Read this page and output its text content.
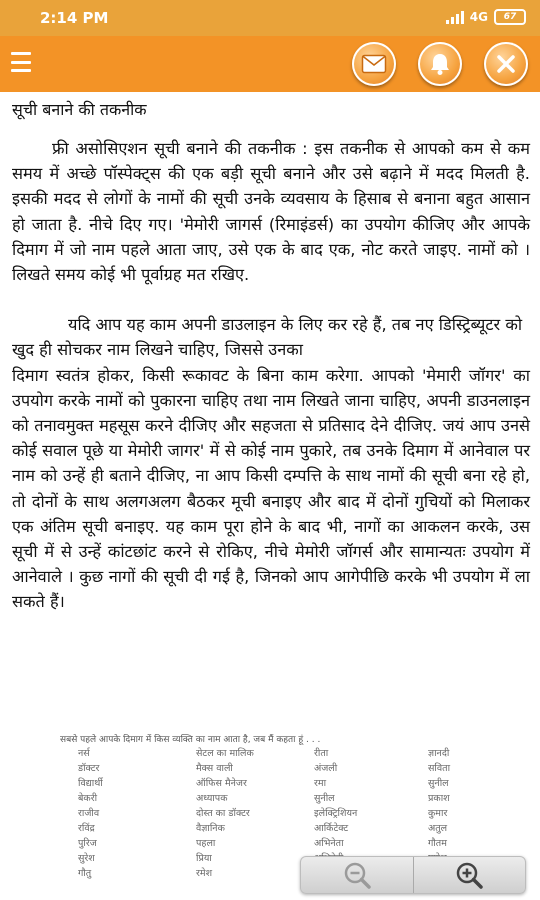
2:14 PM	4G	67
सूची बनाने की तकनीक

फ्री असोसिएशन सूची बनाने की तकनीक : इस तकनीक से आपको कम से कम समय में अच्छे पॉस्पेक्ट्स की एक बड़ी सूची बनाने और उसे बढ़ाने में मदद मिलती है. इसकी मदद से लोगों के नामों की सूची उनके व्यवसाय के हिसाब से बनाना बहुत आसान हो जाता है. नीचे दिए गए। 'मेमोरी जागर्स (रिमाइंडर्स) का उपयोग कीजिए और आपके दिमाग में जो नाम पहले आता जाए, उसे एक के बाद एक, नोट करते जाइए. नामों को । लिखते समय कोई भी पूर्वाग्रह मत रखिए.

यदि आप यह काम अपनी डाउलाइन के लिए कर रहे हैं, तब नए डिस्ट्रिब्यूटर को खुद ही सोचकर नाम लिखने चाहिए, जिससे उनका

दिमाग स्वतंत्र होकर, किसी रूकावट के बिना काम करेगा. आपको 'मेमारी जॉगर' का उपयोग करके नामों को पुकारना चाहिए तथा नाम लिखते जाना चाहिए, अपनी डाउनलाइन को तनावमुक्त महसूस करने दीजिए और सहजता से प्रतिसाद देने दीजिए. जयं आप उनसे कोई सवाल पूछे या मेमोरी जागर' में से कोई नाम पुकारे, तब उनके दिमाग में आनेवाल पर नाम को उन्हें ही बताने दीजिए, ना आप किसी दम्पत्ति के साथ नामों की सूची बना रहे हो, तो दोनों के साथ अलगअलग बैठकर मूची बनाइए और बाद में दोनों गुचियों को मिलाकर एक अंतिम सूची बनाइए. यह काम पूरा होने के बाद भी, नागों का आकलन करके, उस सूची में से उन्हें कांटछांट करने से रोकिए, नीचे मेमोरी जॉगर्स और सामान्यतः उपयोग में आनेवाले । कुछ नागों की सूची दी गई है, जिनको आप आगेपीछि करके भी उपयोग में ला सकते हैं।

सबसे पहले आपके दिमाग में किस व्यक्ति का नाम आता है, जब मैं कहता हूं . . .
नर्स
डॉक्टर
विद्यार्थी
बेकरी
राजीव
रविंद्र
पुरिज
सुरेश
गौतु
सेटल का मालिक
मैक्स वाली
ऑफिस मैनेजर
अध्यापक
दोस्त का डॉक्टर
वैज्ञानिक
पहला
प्रिया
रमेश
रीता
अंजली
रमा
सुनील
इलेक्ट्रिशियन
आर्किटेक्ट
अभिनेता
ज्ञानदी
सविता
सुनील
प्रकाश
कुमार
अतुल
गौतम
